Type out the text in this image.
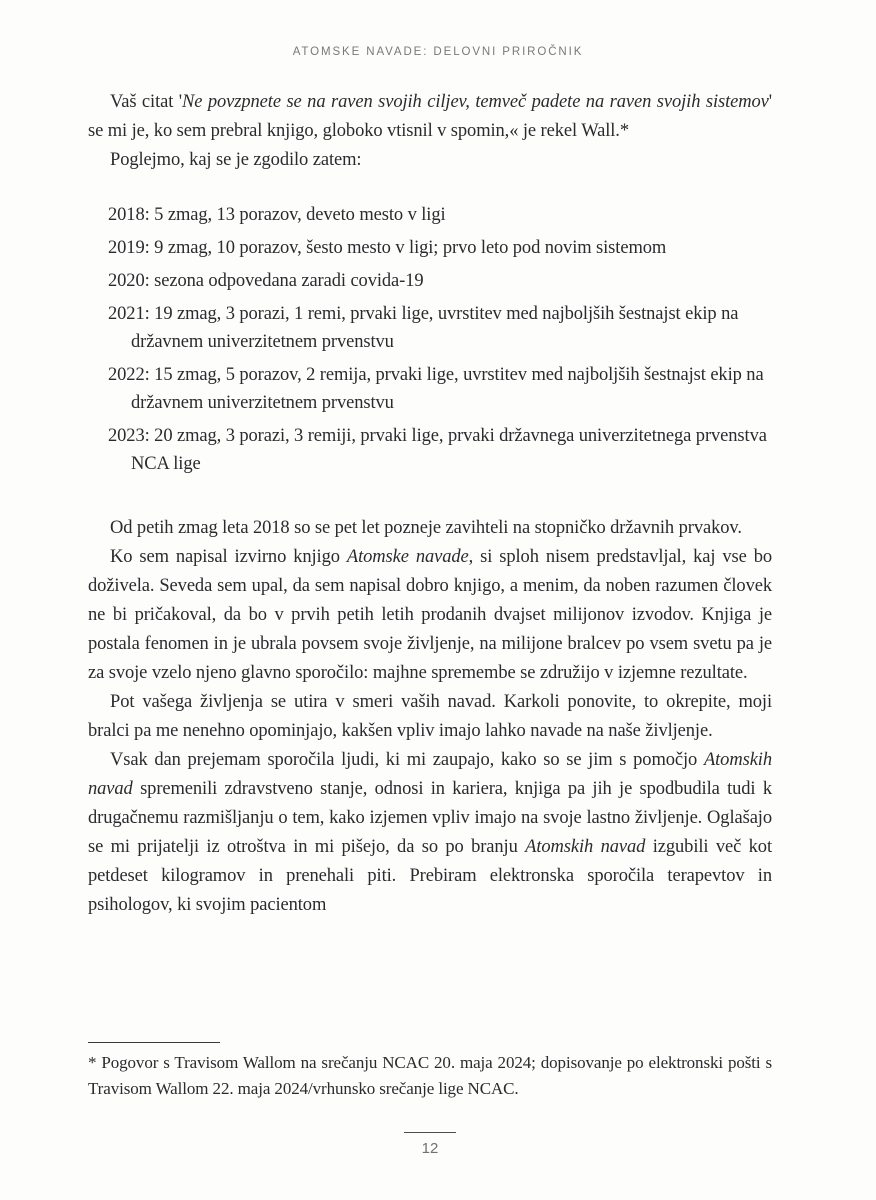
ATOMSKE NAVADE: DELOVNI PRIROČNIK

Vaš citat 'Ne povzpnete se na raven svojih ciljev, temveč padete na raven svojih sistemov' se mi je, ko sem prebral knjigo, globoko vtisnil v spomin,« je rekel Wall.*

Poglejmo, kaj se je zgodilo zatem:

2018: 5 zmag, 13 porazov, deveto mesto v ligi
2019: 9 zmag, 10 porazov, šesto mesto v ligi; prvo leto pod novim sistemom
2020: sezona odpovedana zaradi covida-19
2021: 19 zmag, 3 porazi, 1 remi, prvaki lige, uvrstitev med najboljših šestnajst ekip na državnem univerzitetnem prvenstvu
2022: 15 zmag, 5 porazov, 2 remija, prvaki lige, uvrstitev med najboljših šestnajst ekip na državnem univerzitetnem prvenstvu
2023: 20 zmag, 3 porazi, 3 remiji, prvaki lige, prvaki državnega univerzitetnega prvenstva NCA lige

Od petih zmag leta 2018 so se pet let pozneje zavihteli na stopničko državnih prvakov.

Ko sem napisal izvirno knjigo Atomske navade, si sploh nisem predstavljal, kaj vse bo doživela. Seveda sem upal, da sem napisal dobro knjigo, a menim, da noben razumen človek ne bi pričakoval, da bo v prvih petih letih prodanih dvajset milijonov izvodov. Knjiga je postala fenomen in je ubrala povsem svoje življenje, na milijone bralcev po vsem svetu pa je za svoje vzelo njeno glavno sporočilo: majhne spremembe se združijo v izjemne rezultate.

Pot vašega življenja se utira v smeri vaših navad. Karkoli ponovite, to okrepite, moji bralci pa me nenehno opominjajo, kakšen vpliv imajo lahko navade na naše življenje.

Vsak dan prejemam sporočila ljudi, ki mi zaupajo, kako so se jim s pomočjo Atomskih navad spremenili zdravstveno stanje, odnosi in kariera, knjiga pa jih je spodbudila tudi k drugačnemu razmišljanju o tem, kako izjemen vpliv imajo na svoje lastno življenje. Oglašajo se mi prijatelji iz otroštva in mi pišejo, da so po branju Atomskih navad izgubili več kot petdeset kilogramov in prenehali piti. Prebiram elektronska sporočila terapevtov in psihologov, ki svojim pacientom

* Pogovor s Travisom Wallom na srečanju NCAC 20. maja 2024; dopisovanje po elektronski pošti s Travisom Wallom 22. maja 2024/vrhunsko srečanje lige NCAC.

12
